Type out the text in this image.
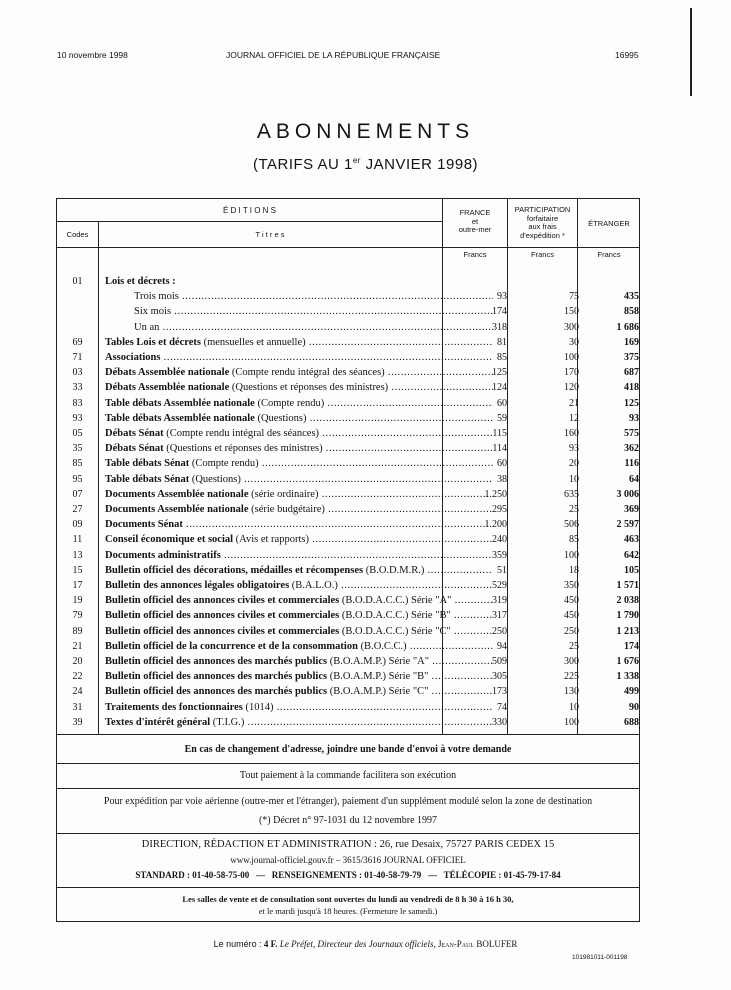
10 novembre 1998	JOURNAL OFFICIEL DE LA RÉPUBLIQUE FRANÇAISE	16995
ABONNEMENTS
(TARIFS AU 1er JANVIER 1998)
É D I T I O N S
Codes	T i t r e s
FRANCE
et
outre-mer
PARTICIPATION
forfaitaire
aux frais
d'expédition *
ÉTRANGER
Francs	Francs	Francs
01	Lois et décrets :
Trois mois .....	93	75	435
Six mois .....	174	150	858
Un an .....	318	300	1 686
69	Tables Lois et décrets (mensuelles et annuelle) .....	81	30	169
71	Associations .....	85	100	375
03	Débats Assemblée nationale (Compte rendu intégral des séances) .....	125	170	687
33	Débats Assemblée nationale (Questions et réponses des ministres) .....	124	120	418
83	Table débats Assemblée nationale (Compte rendu) .....	60	21	125
93	Table débats Assemblée nationale (Questions) .....	59	12	93
05	Débats Sénat (Compte rendu intégral des séances) .....	115	160	575
35	Débats Sénat (Questions et réponses des ministres) .....	114	93	362
85	Table débats Sénat (Compte rendu) .....	60	20	116
95	Table débats Sénat (Questions) .....	38	10	64
07	Documents Assemblée nationale (série ordinaire) .....	1 250	635	3 006
27	Documents Assemblée nationale (série budgétaire) .....	295	25	369
09	Documents Sénat .....	1 200	506	2 597
11	Conseil économique et social (Avis et rapports) .....	240	85	463
13	Documents administratifs .....	359	100	642
15	Bulletin officiel des décorations, médailles et récompenses (B.O.D.M.R.) .....	51	18	105
17	Bulletin des annonces légales obligatoires (B.A.L.O.) .....	529	350	1 571
19	Bulletin officiel des annonces civiles et commerciales (B.O.D.A.C.C.) Série "A" .....	319	450	2 038
79	Bulletin officiel des annonces civiles et commerciales (B.O.D.A.C.C.) Série "B" .....	317	450	1 790
89	Bulletin officiel des annonces civiles et commerciales (B.O.D.A.C.C.) Série "C" .....	250	250	1 213
21	Bulletin officiel de la concurrence et de la consommation (B.O.C.C.) .....	94	25	174
20	Bulletin officiel des annonces des marchés publics (B.O.A.M.P.) Série "A" .....	509	300	1 676
22	Bulletin officiel des annonces des marchés publics (B.O.A.M.P.) Série "B" .....	305	225	1 338
24	Bulletin officiel des annonces des marchés publics (B.O.A.M.P.) Série "C" .....	173	130	499
31	Traitements des fonctionnaires (1014) .....	74	10	90
39	Textes d'intérêt général (T.I.G.) .....	330	100	688
En cas de changement d'adresse, joindre une bande d'envoi à votre demande
Tout paiement à la commande facilitera son exécution
Pour expédition par voie aérienne (outre-mer et l'étranger), paiement d'un supplément modulé selon la zone de destination
(*) Décret n° 97-1031 du 12 novembre 1997
DIRECTION, RÉDACTION ET ADMINISTRATION : 26, rue Desaix, 75727 PARIS CEDEX 15
www.journal-officiel.gouv.fr – 3615/3616 JOURNAL OFFICIEL
STANDARD : 01-40-58-75-00 — RENSEIGNEMENTS : 01-40-58-79-79 — TÉLÉCOPIE : 01-45-79-17-84
Les salles de vente et de consultation sont ouvertes du lundi au vendredi de 8 h 30 à 16 h 30,
et le mardi jusqu'à 18 heures. (Fermeture le samedi.)
Le numéro : 4 F. Le Préfet, Directeur des Journaux officiels, Jean-Paul BOLUFER
101981011-001198
